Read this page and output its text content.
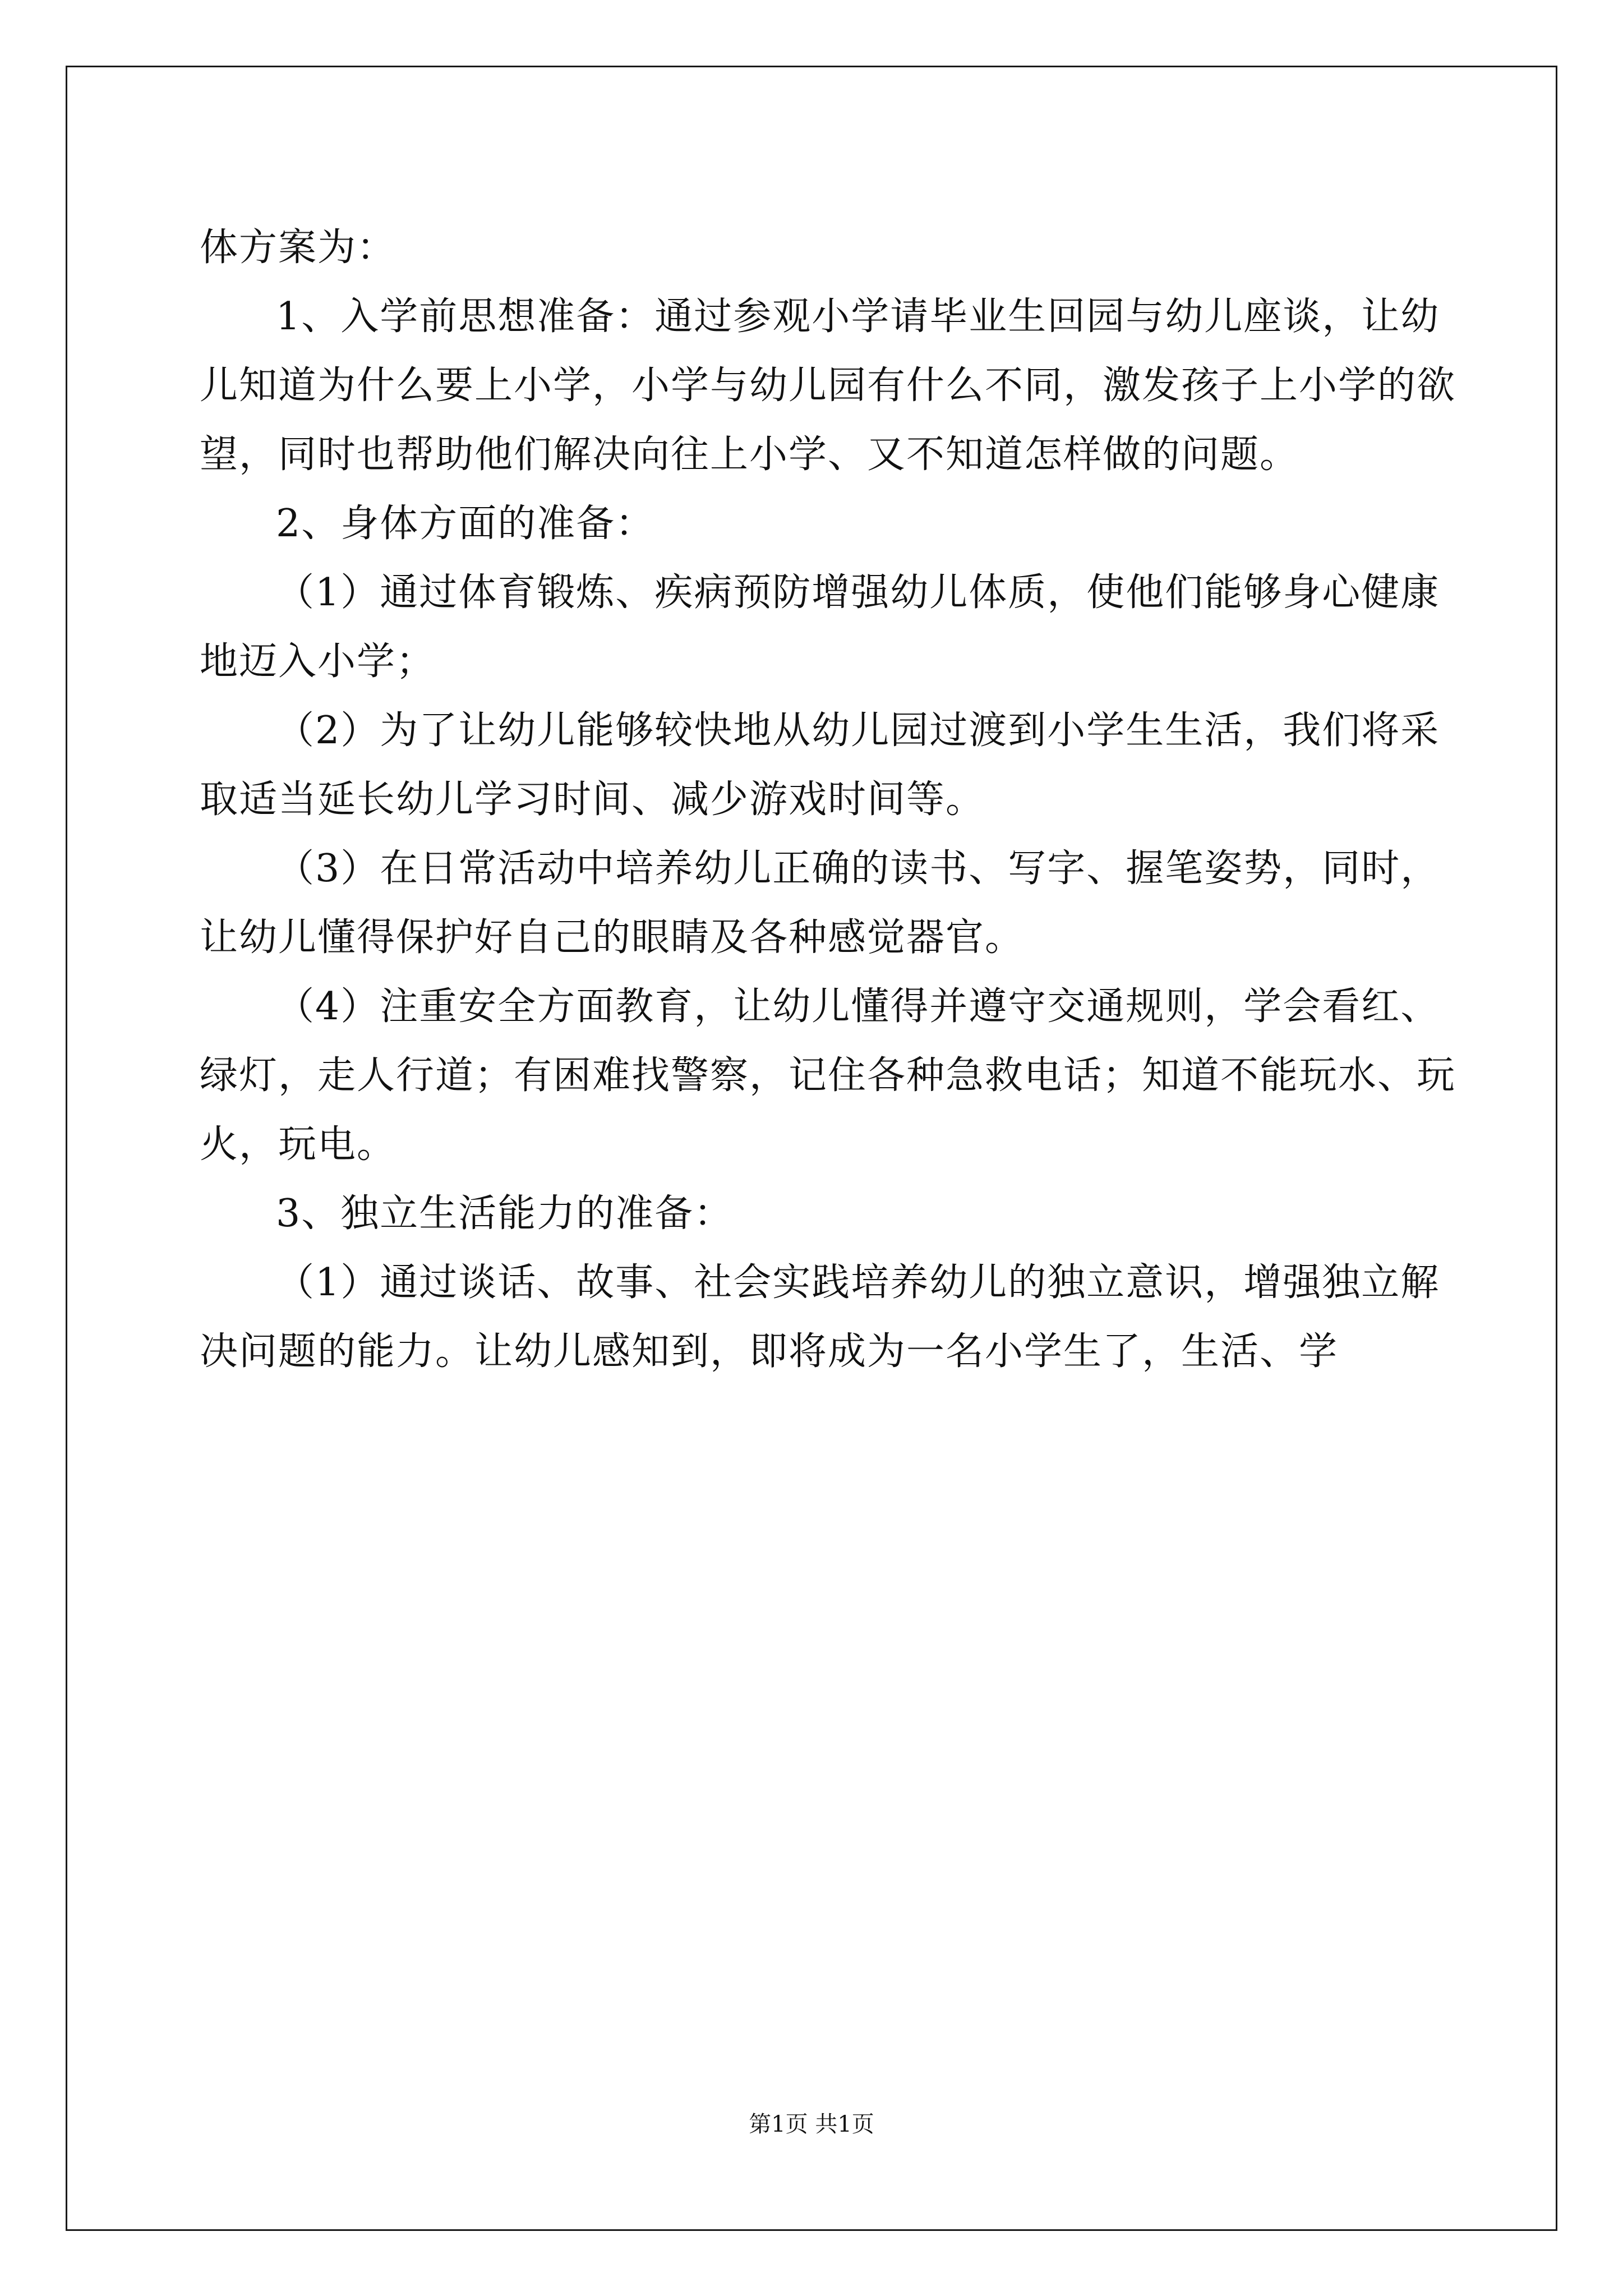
体方案为：

1、入学前思想准备：通过参观小学请毕业生回园与幼儿座谈，让幼儿知道为什么要上小学，小学与幼儿园有什么不同，激发孩子上小学的欲望，同时也帮助他们解决向往上小学、又不知道怎样做的问题。

2、身体方面的准备：

（1）通过体育锻炼、疾病预防增强幼儿体质，使他们能够身心健康地迈入小学；

（2）为了让幼儿能够较快地从幼儿园过渡到小学生生活，我们将采取适当延长幼儿学习时间、减少游戏时间等。

（3）在日常活动中培养幼儿正确的读书、写字、握笔姿势，同时，让幼儿懂得保护好自己的眼睛及各种感觉器官。

（4）注重安全方面教育，让幼儿懂得并遵守交通规则，学会看红、绿灯，走人行道；有困难找警察，记住各种急救电话；知道不能玩水、玩火，玩电。

3、独立生活能力的准备：

（1）通过谈话、故事、社会实践培养幼儿的独立意识，增强独立解决问题的能力。让幼儿感知到，即将成为一名小学生了，生活、学

第1页 共1页
